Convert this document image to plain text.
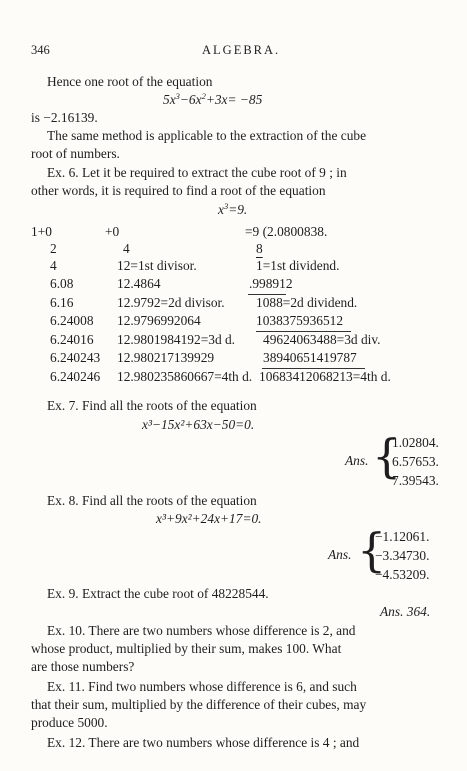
346	ALGEBRA.
Hence one root of the equation
$5x^3-6x^2+3x= -85$
is −2.16139.
The same method is applicable to the extraction of the cube
root of numbers.
Ex. 6. Let it be required to extract the cube root of 9 ; in
other words, it is required to find a root of the equation
$x^3=9$.
1+0	+0	=9 (2.0800838.
2	4	8
4	12=1st divisor.	1=1st dividend.
6.08	12.4864	.998912
6.16	12.9792=2d divisor. 1088=2d dividend.
6.24008 12.9796992064	1038375936512
6.24016 12.9801984192=3d d. 49624063488=3d div.
6.240243 12.980217139929	38940651419787
6.240246 12.980235860667=4th d. 10683412068213=4th d.
Ex. 7. Find all the roots of the equation
x³−15x²+63x−50=0.
Ans. {
1.02804.
6.57653.
7.39543.
Ex. 8. Find all the roots of the equation
x³+9x²+24x+17=0.
Ans. {
−1.12061.
−3.34730.
−4.53209.
Ex. 9. Extract the cube root of 48228544.
Ans. 364.
Ex. 10. There are two numbers whose difference is 2, and
whose product, multiplied by their sum, makes 100. What
are those numbers?
Ex. 11. Find two numbers whose difference is 6, and such
that their sum, multiplied by the difference of their cubes, may
produce 5000.
Ex. 12. There are two numbers whose difference is 4 ; and
